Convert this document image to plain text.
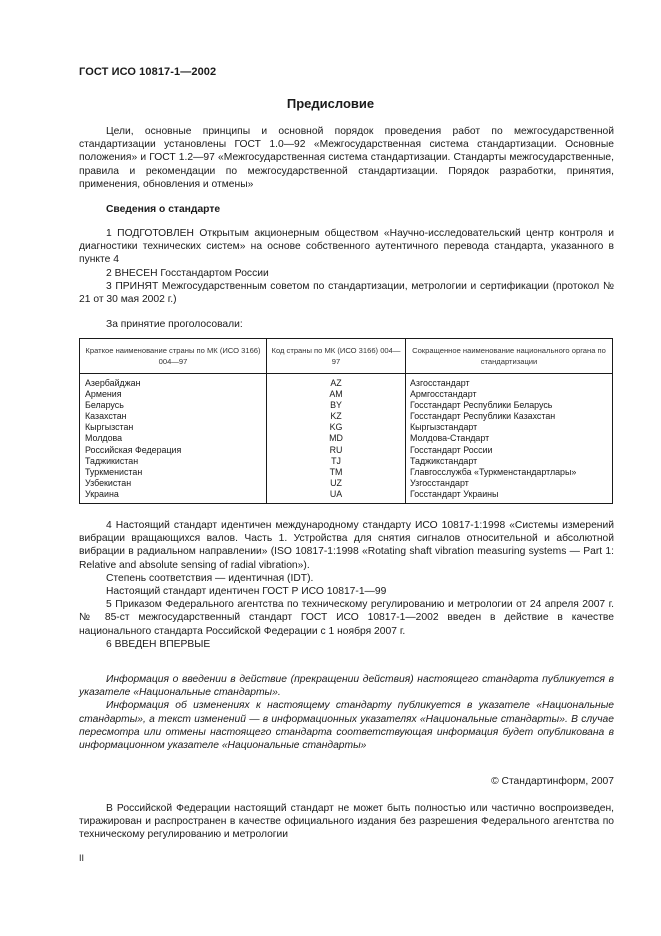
ГОСТ ИСО 10817-1—2002
Предисловие

Цели, основные принципы и основной порядок проведения работ по межгосударственной стандартизации установлены ГОСТ 1.0—92 «Межгосударственная система стандартизации. Основные положения» и ГОСТ 1.2—97 «Межгосударственная система стандартизации. Стандарты межгосударственные, правила и рекомендации по межгосударственной стандартизации. Порядок разработки, принятия, применения, обновления и отмены»

Сведения о стандарте

1 ПОДГОТОВЛЕН Открытым акционерным обществом «Научно-исследовательский центр контроля и диагностики технических систем» на основе собственного аутентичного перевода стандарта, указанного в пункте 4

2 ВНЕСЕН Госстандартом России

3 ПРИНЯТ Межгосударственным советом по стандартизации, метрологии и сертификации (протокол № 21 от 30 мая 2002 г.)

За принятие проголосовали:
Краткое наименование страны по МК (ИСО 3166) 004—97	Код страны по МК (ИСО 3166) 004—97	Сокращенное наименование национального органа по стандартизации
Азербайджан	AZ	Азгосстандарт
Армения	AM	Армгосстандарт
Беларусь	BY	Госстандарт Республики Беларусь
Казахстан	KZ	Госстандарт Республики Казахстан
Кыргызстан	KG	Кыргызстандарт
Молдова	MD	Молдова-Стандарт
Российская Федерация	RU	Госстандарт России
Таджикистан	TJ	Таджикстандарт
Туркменистан	TM	Главгосслужба «Туркменстандартлары»
Узбекистан	UZ	Узгосстандарт
Украина	UA	Госстандарт Украины

4 Настоящий стандарт идентичен международному стандарту ИСО 10817-1:1998 «Системы измерений вибрации вращающихся валов. Часть 1. Устройства для снятия сигналов относительной и абсолютной вибрации в радиальном направлении» (ISO 10817-1:1998 «Rotating shaft vibration measuring systems — Part 1: Relative and absolute sensing of radial vibration»).

Степень соответствия — идентичная (IDT).

Настоящий стандарт идентичен ГОСТ Р ИСО 10817-1—99

5 Приказом Федерального агентства по техническому регулированию и метрологии от 24 апреля 2007 г. № 85-ст межгосударственный стандарт ГОСТ ИСО 10817-1—2002 введен в действие в качестве национального стандарта Российской Федерации с 1 ноября 2007 г.

6 ВВЕДЕН ВПЕРВЫЕ

Информация о введении в действие (прекращении действия) настоящего стандарта публикуется в указателе «Национальные стандарты».

Информация об изменениях к настоящему стандарту публикуется в указателе «Национальные стандарты», а текст изменений — в информационных указателях «Национальные стандарты». В случае пересмотра или отмены настоящего стандарта соответствующая информация будет опубликована в информационном указателе «Национальные стандарты»

© Стандартинформ, 2007

В Российской Федерации настоящий стандарт не может быть полностью или частично воспроизведен, тиражирован и распространен в качестве официального издания без разрешения Федерального агентства по техническому регулированию и метрологии

II
